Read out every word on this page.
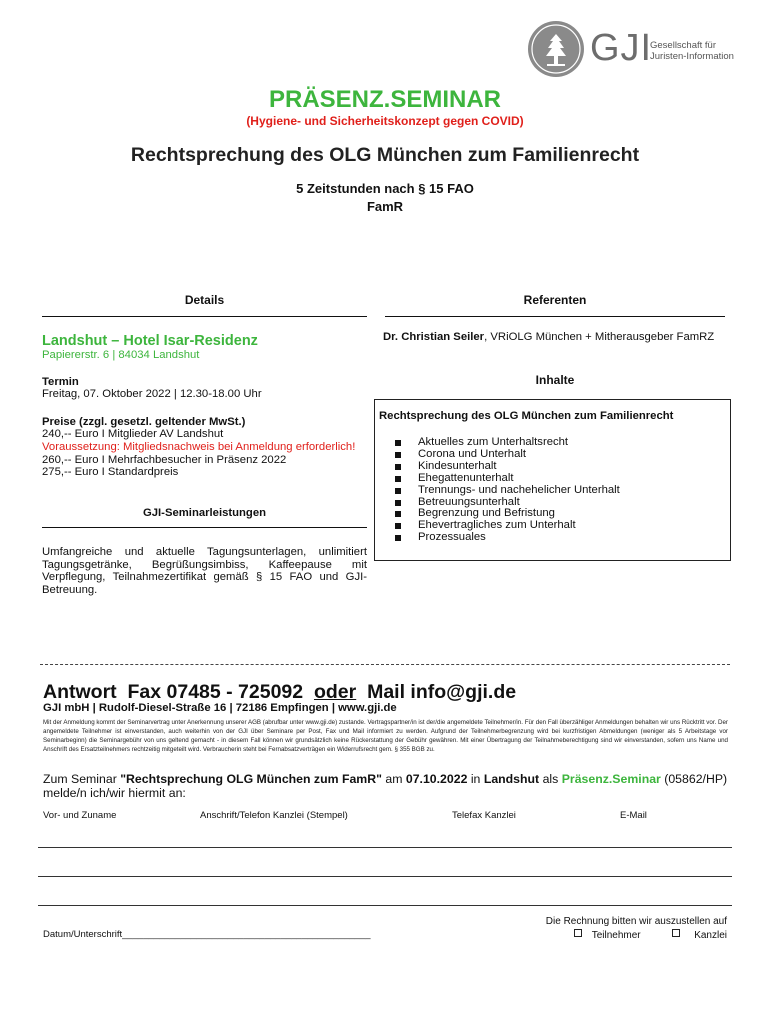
GJI
Gesellschaft für
Juristen-Information
PRÄSENZ.SEMINAR
(Hygiene- und Sicherheitskonzept gegen COVID)
Rechtsprechung des OLG München zum Familienrecht
5 Zeitstunden nach § 15 FAO
FamR
Details
Landshut – Hotel Isar-Residenz
Papiererstr. 6 | 84034 Landshut
Termin
Freitag, 07. Oktober 2022 | 12.30-18.00 Uhr
Preise (zzgl. gesetzl. geltender MwSt.)
240,-- Euro I Mitglieder AV Landshut
Voraussetzung: Mitgliedsnachweis bei Anmeldung erforderlich!
260,-- Euro I Mehrfachbesucher in Präsenz 2022
275,-- Euro I Standardpreis
GJI-Seminarleistungen
Umfangreiche und aktuelle Tagungsunterlagen, unlimitiert Tagungsgetränke, Begrüßungsimbiss, Kaffeepause mit Verpflegung, Teilnahmezertifikat gemäß § 15 FAO und GJI-Betreuung.
Referenten
Dr. Christian Seiler, VRiOLG München + Mitherausgeber FamRZ
Inhalte
Rechtsprechung des OLG München zum Familienrecht
Aktuelles zum Unterhaltsrecht
Corona und Unterhalt
Kindesunterhalt
Ehegattenunterhalt
Trennungs- und nachehelicher Unterhalt
Betreuungsunterhalt
Begrenzung und Befristung
Ehevertragliches zum Unterhalt
Prozessuales
Antwort  Fax 07485 - 725092  oder  Mail info@gji.de
GJI mbH | Rudolf-Diesel-Straße 16 | 72186 Empfingen | www.gji.de
Mit der Anmeldung kommt der Seminarvertrag unter Anerkennung unserer AGB (abrufbar unter www.gji.de) zustande. Vertragspartner/in ist der/die angemeldete Teilnehmer/in. Für den Fall überzähliger Anmeldungen behalten wir uns Rücktritt vor. Der angemeldete Teilnehmer ist einverstanden, auch weiterhin von der GJI über Seminare per Post, Fax und Mail informiert zu werden. Aufgrund der Teilnehmerbegrenzung wird bei kurzfristigen Abmeldungen (weniger als 5 Arbeitstage vor Seminarbeginn) die Seminargebühr von uns geltend gemacht - in diesem Fall können wir grundsätzlich keine Rückerstattung der Gebühr gewähren. Mit einer Übertragung der Teilnahmeberechtigung sind wir einverstanden, sofern uns Name und Anschrift des Ersatzteilnehmers rechtzeitig mitgeteilt wird. Verbraucherin steht bei Fernabsatzverträgen ein Widerrufsrecht gem. § 355 BGB zu.
Zum Seminar "Rechtsprechung OLG München zum FamR" am 07.10.2022 in Landshut als Präsenz.Seminar (05862/HP)
melde/n ich/wir hiermit an:
Vor- und Zuname	Anschrift/Telefon Kanzlei (Stempel)	Telefax Kanzlei	E-Mail
Datum/Unterschrift_______________________________________________
Die Rechnung bitten wir auszustellen auf
Teilnehmer	Kanzlei
